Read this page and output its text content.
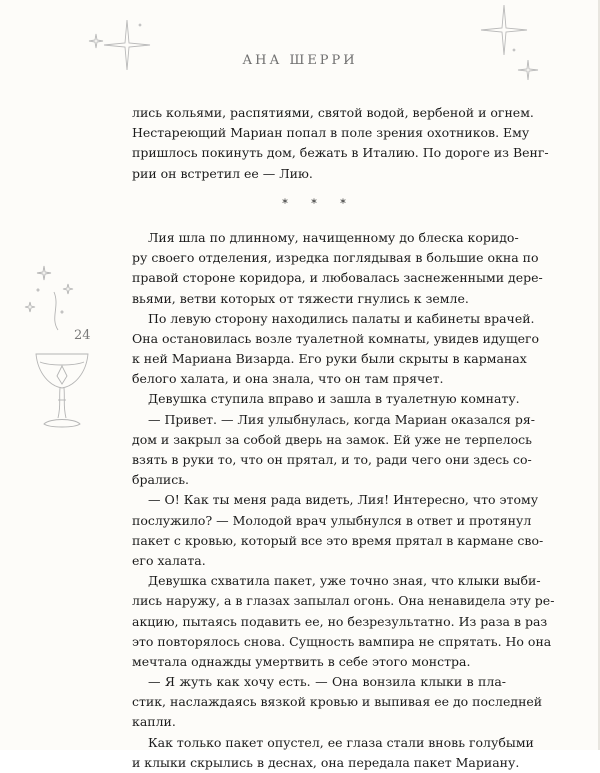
АНА ШЕРРИ
24
лись кольями, распятиями, святой водой, вербеной и огнем.
Нестареющий Мариан попал в поле зрения охотников. Ему
пришлось покинуть дом, бежать в Италию. По дороге из Венг-
рии он встретил ее — Лию.
* * *
Лия шла по длинному, начищенному до блеска коридо-
ру своего отделения, изредка поглядывая в большие окна по
правой стороне коридора, и любовалась заснеженными дере-
вьями, ветви которых от тяжести гнулись к земле.
По левую сторону находились палаты и кабинеты врачей.
Она остановилась возле туалетной комнаты, увидев идущего
к ней Мариана Визарда. Его руки были скрыты в карманах
белого халата, и она знала, что он там прячет.
Девушка ступила вправо и зашла в туалетную комнату.
— Привет. — Лия улыбнулась, когда Мариан оказался ря-
дом и закрыл за собой дверь на замок. Ей уже не терпелось
взять в руки то, что он прятал, и то, ради чего они здесь со-
брались.
— О! Как ты меня рада видеть, Лия! Интересно, что этому
послужило? — Молодой врач улыбнулся в ответ и протянул
пакет с кровью, который все это время прятал в кармане сво-
его халата.
Девушка схватила пакет, уже точно зная, что клыки выби-
лись наружу, а в глазах запылал огонь. Она ненавидела эту ре-
акцию, пытаясь подавить ее, но безрезультатно. Из раза в раз
это повторялось снова. Сущность вампира не спрятать. Но она
мечтала однажды умертвить в себе этого монстра.
— Я жуть как хочу есть. — Она вонзила клыки в пла-
стик, наслаждаясь вязкой кровью и выпивая ее до последней
капли.
Как только пакет опустел, ее глаза стали вновь голубыми
и клыки скрылись в деснах, она передала пакет Мариану.
